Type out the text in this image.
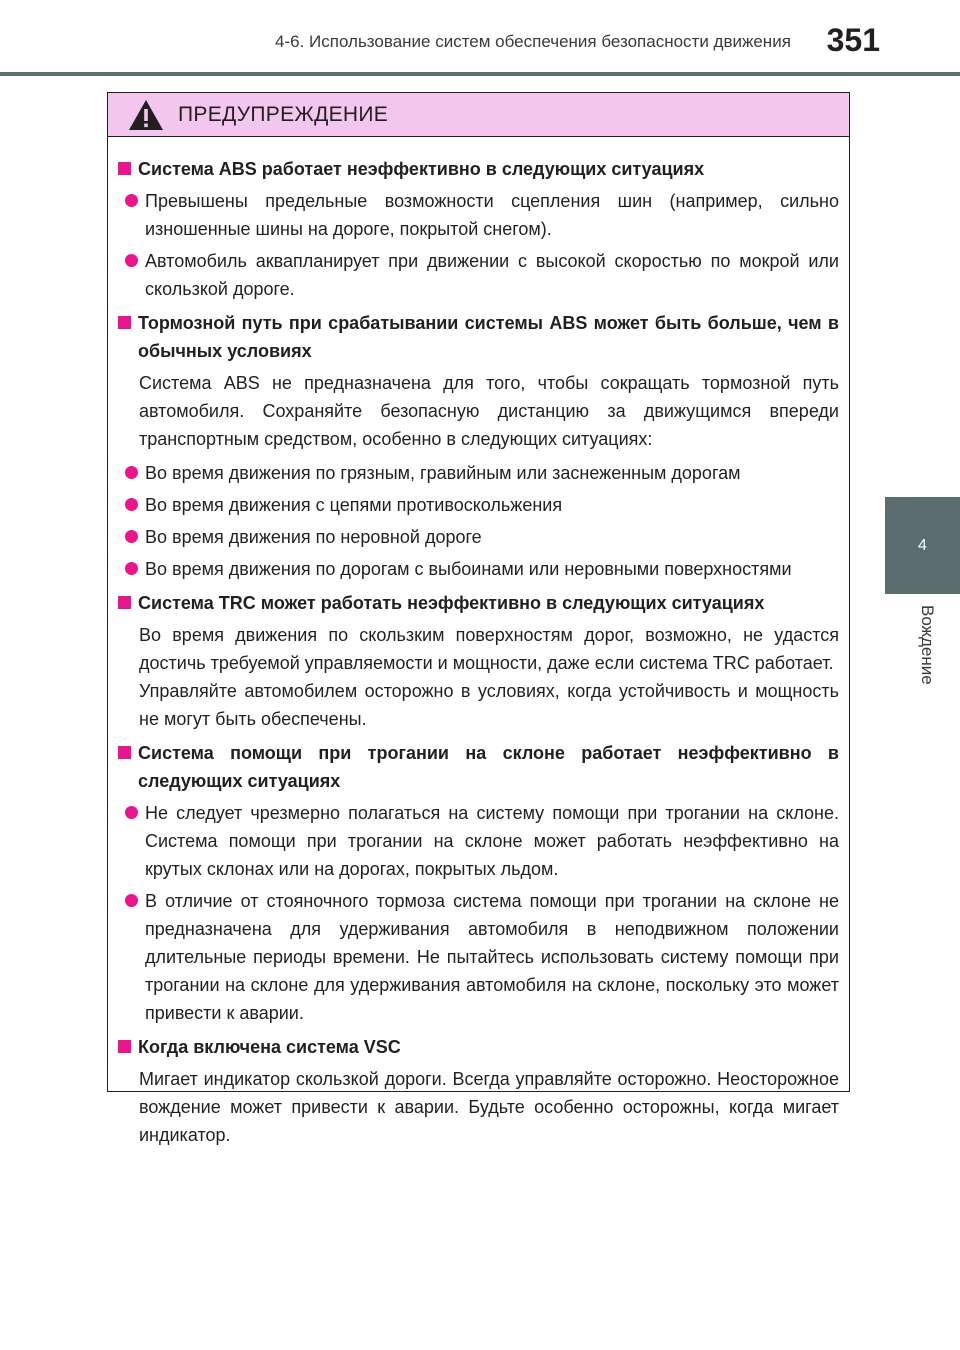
4-6. Использование систем обеспечения безопасности движения 351
4
Вождение
ПРЕДУПРЕЖДЕНИЕ
Система ABS работает неэффективно в следующих ситуациях
Превышены предельные возможности сцепления шин (например, сильно изношенные шины на дороге, покрытой снегом).
Автомобиль аквапланирует при движении с высокой скоростью по мокрой или скользкой дороге.
Тормозной путь при срабатывании системы ABS может быть больше, чем в обычных условиях
Система ABS не предназначена для того, чтобы сокращать тормозной путь автомобиля. Сохраняйте безопасную дистанцию за движущимся впереди транспортным средством, особенно в следующих ситуациях:
Во время движения по грязным, гравийным или заснеженным дорогам
Во время движения с цепями противоскольжения
Во время движения по неровной дороге
Во время движения по дорогам с выбоинами или неровными поверхностями
Система TRC может работать неэффективно в следующих ситуациях
Во время движения по скользким поверхностям дорог, возможно, не удастся достичь требуемой управляемости и мощности, даже если система TRC работает.
Управляйте автомобилем осторожно в условиях, когда устойчивость и мощность не могут быть обеспечены.
Система помощи при трогании на склоне работает неэффективно в следующих ситуациях
Не следует чрезмерно полагаться на систему помощи при трогании на склоне. Система помощи при трогании на склоне может работать неэффективно на крутых склонах или на дорогах, покрытых льдом.
В отличие от стояночного тормоза система помощи при трогании на склоне не предназначена для удерживания автомобиля в неподвижном положении длительные периоды времени. Не пытайтесь использовать систему помощи при трогании на склоне для удерживания автомобиля на склоне, поскольку это может привести к аварии.
Когда включена система VSC
Мигает индикатор скользкой дороги. Всегда управляйте осторожно. Неосторожное вождение может привести к аварии. Будьте особенно осторожны, когда мигает индикатор.
